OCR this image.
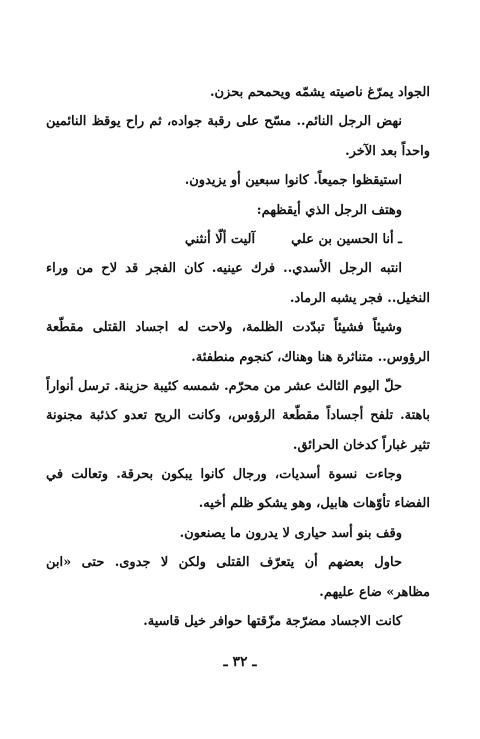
الجواد يمرّغ ناصيته يشمّه ويحمحم بحزن.
نهض الرجل النائم.. مسّح على رقبة جواده، ثم راح يوقظ النائمين
واحداً بعد الآخر.
استيقظوا جميعاً. كانوا سبعين أو يزيدون.
وهتف الرجل الذي أيقظهم:
ـ أنا الحسين بن عليآليت ألّا أنثني
انتبه الرجل الأسدي.. فرك عينيه. كان الفجر قد لاح من وراء
النخيل.. فجر يشبه الرماد.
وشيئاً فشيئاً تبدّدت الظلمة، ولاحت له اجساد القتلى مقطّعة
الرؤوس.. متناثرة هنا وهناك، كنجوم منطفئة.
حلّ اليوم الثالث عشر من محرّم. شمسه كئيبة حزينة. ترسل أنواراً
باهتة. تلفح أجساداً مقطّعة الرؤوس، وكانت الريح تعدو كذئبة مجنونة
تثير غباراً كدخان الحرائق.
وجاءت نسوة أسديات، ورجال كانوا يبكون بحرقة. وتعالت في
الفضاء تأوّهات هابيل، وهو يشكو ظلم أخيه.
وقف بنو أسد حيارى لا يدرون ما يصنعون.
حاول بعضهم أن يتعرّف القتلى ولكن لا جدوى. حتى «ابن
مظاهر» ضاع عليهم.
كانت الاجساد مضرّجة مزّقتها حوافر خيل قاسية.
ـ ٣٢ ـ
